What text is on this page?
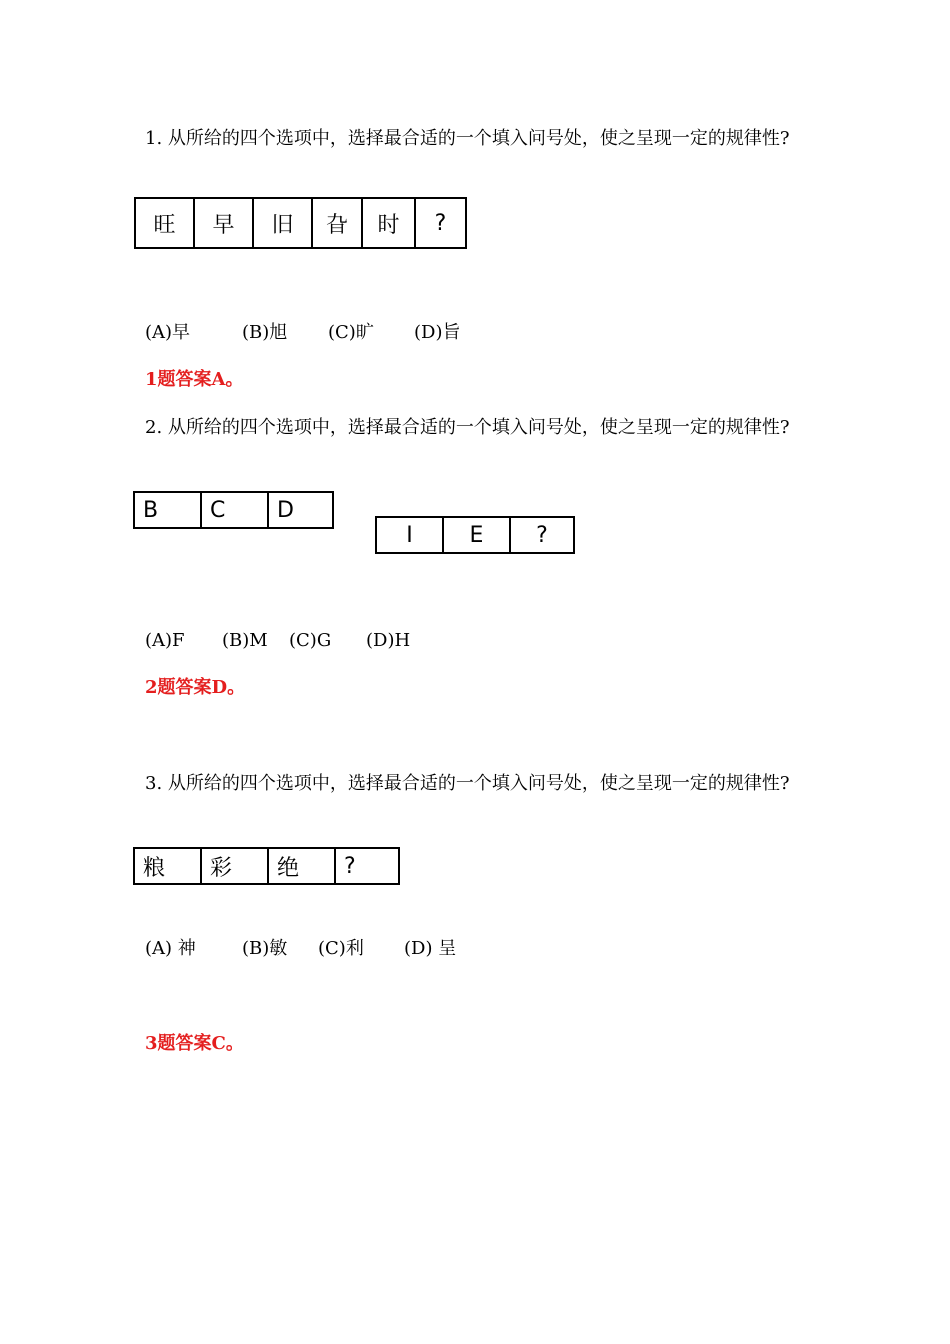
1. 从所给的四个选项中，选择最合适的一个填入问号处，使之呈现一定的规律性?
旺	早	旧	旮	时	?
(A)早	(B)旭 (C)旷 (D)旨
1题答案A。
2. 从所给的四个选项中，选择最合适的一个填入问号处，使之呈现一定的规律性?
B	C	D
I	E	?
(A)F (B)M (C)G (D)H
2题答案D。
3. 从所给的四个选项中，选择最合适的一个填入问号处，使之呈现一定的规律性?
粮	彩	绝	?
(A) 神	(B)敏 (C)利 (D) 呈
3题答案C。
